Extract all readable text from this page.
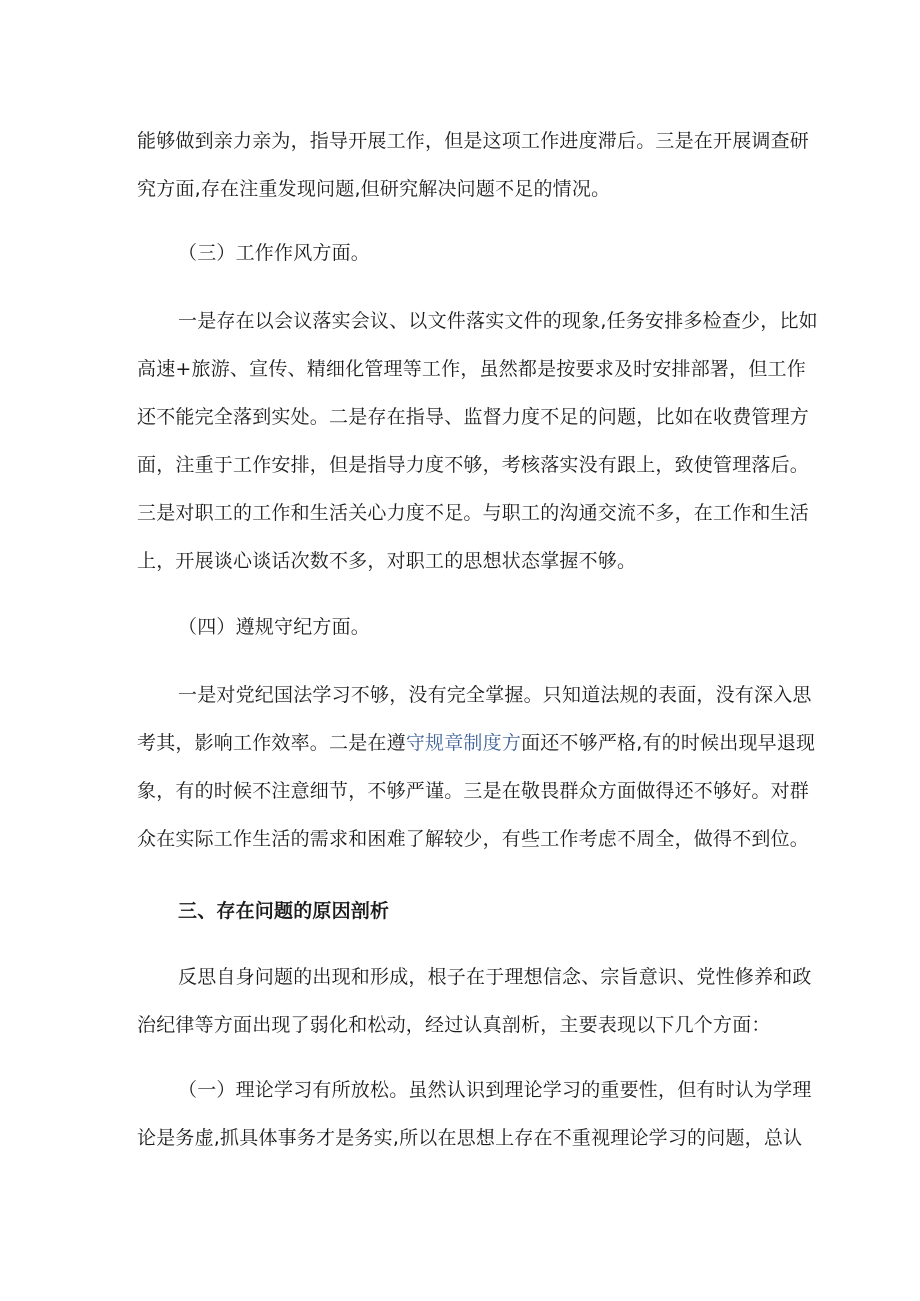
能够做到亲力亲为，指导开展工作，但是这项工作进度滞后。三是在开展调查研
究方面,存在注重发现问题,但研究解决问题不足的情况。
（三）工作作风方面。
一是存在以会议落实会议、以文件落实文件的现象,任务安排多检查少，比如
高速+旅游、宣传、精细化管理等工作，虽然都是按要求及时安排部署，但工作
还不能完全落到实处。二是存在指导、监督力度不足的问题，比如在收费管理方
面，注重于工作安排，但是指导力度不够，考核落实没有跟上，致使管理落后。
三是对职工的工作和生活关心力度不足。与职工的沟通交流不多，在工作和生活
上，开展谈心谈话次数不多，对职工的思想状态掌握不够。
（四）遵规守纪方面。
一是对党纪国法学习不够，没有完全掌握。只知道法规的表面，没有深入思
考其，影响工作效率。二是在遵守规章制度方面还不够严格,有的时候出现早退现
象，有的时候不注意细节，不够严谨。三是在敬畏群众方面做得还不够好。对群
众在实际工作生活的需求和困难了解较少，有些工作考虑不周全，做得不到位。
三、存在问题的原因剖析
反思自身问题的出现和形成，根子在于理想信念、宗旨意识、党性修养和政
治纪律等方面出现了弱化和松动，经过认真剖析，主要表现以下几个方面：
（一）理论学习有所放松。虽然认识到理论学习的重要性，但有时认为学理
论是务虚,抓具体事务才是务实,所以在思想上存在不重视理论学习的问题，总认
